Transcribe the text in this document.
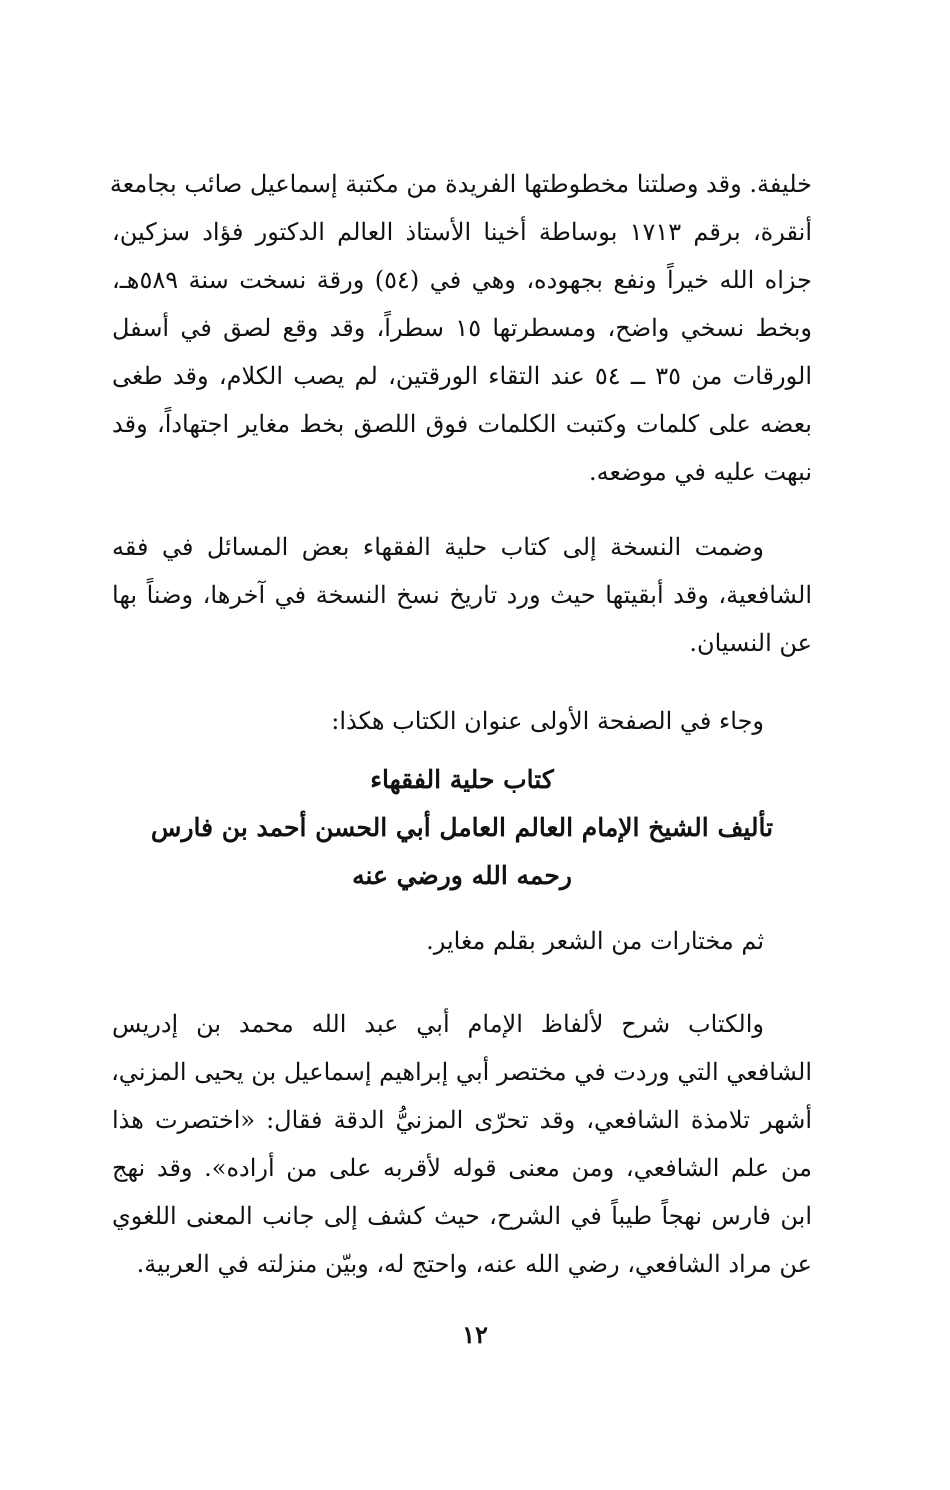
خليفة. وقد وصلتنا مخطوطتها الفريدة من مكتبة إسماعيل صائب بجامعة
أنقرة، برقم ١٧١٣ بوساطة أخينا الأستاذ العالم الدكتور فؤاد سزكين،
جزاه الله خيراً ونفع بجهوده، وهي في (٥٤) ورقة نسخت سنة ٥٨٩هـ،
وبخط نسخي واضح، ومسطرتها ١٥ سطراً، وقد وقع لصق في أسفل
الورقات من ٣٥ ــ ٥٤ عند التقاء الورقتين، لم يصب الكلام، وقد طغى
بعضه على كلمات وكتبت الكلمات فوق اللصق بخط مغاير اجتهاداً، وقد
نبهت عليه في موضعه.
وضمت النسخة إلى كتاب حلية الفقهاء بعض المسائل في فقه
الشافعية، وقد أبقيتها حيث ورد تاريخ نسخ النسخة في آخرها، وضناً بها
عن النسيان.
وجاء في الصفحة الأولى عنوان الكتاب هكذا:
كتاب حلية الفقهاء
تأليف الشيخ الإمام العالم العامل أبي الحسن أحمد بن فارس
رحمه الله ورضي عنه
ثم مختارات من الشعر بقلم مغاير.
والكتاب شرح لألفاظ الإمام أبي عبد الله محمد بن إدريس
الشافعي التي وردت في مختصر أبي إبراهيم إسماعيل بن يحيى المزني،
أشهر تلامذة الشافعي، وقد تحرّى المزنيُّ الدقة فقال: «اختصرت هذا
من علم الشافعي، ومن معنى قوله لأقربه على من أراده». وقد نهج
ابن فارس نهجاً طيباً في الشرح، حيث كشف إلى جانب المعنى اللغوي
عن مراد الشافعي، رضي الله عنه، واحتج له، وبيّن منزلته في العربية.
١٢
